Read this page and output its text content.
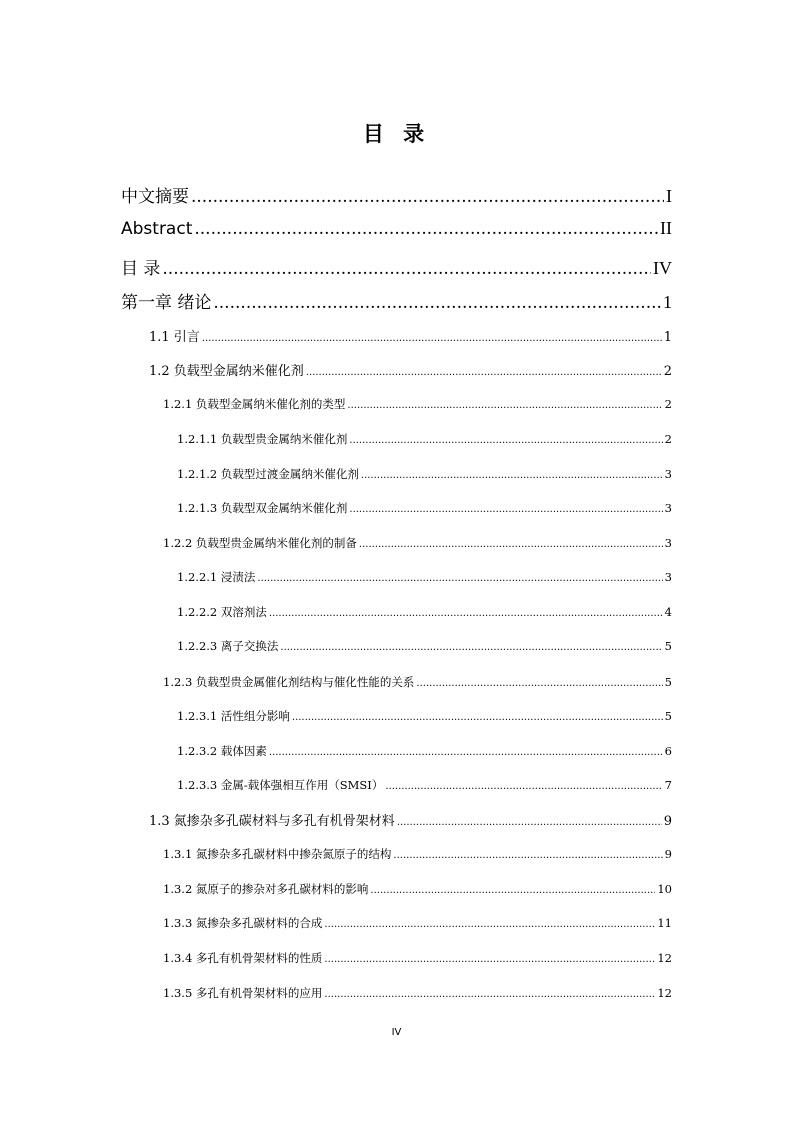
目 录
中文摘要 .....	I
Abstract .....	II
目 录 .....	IV
第一章 绪论 .....	1
1.1 引言 .....	1
1.2 负载型金属纳米催化剂 .....	2
1.2.1 负载型金属纳米催化剂的类型 .....	2
1.2.1.1 负载型贵金属纳米催化剂 .....	2
1.2.1.2 负载型过渡金属纳米催化剂 .....	3
1.2.1.3 负载型双金属纳米催化剂 .....	3
1.2.2 负载型贵金属纳米催化剂的制备 .....	3
1.2.2.1 浸渍法 .....	3
1.2.2.2 双溶剂法 .....	4
1.2.2.3 离子交换法 .....	5
1.2.3 负载型贵金属催化剂结构与催化性能的关系 .....	5
1.2.3.1 活性组分影响 .....	5
1.2.3.2 载体因素 .....	6
1.2.3.3 金属-载体强相互作用（SMSI） .....	7
1.3 氮掺杂多孔碳材料与多孔有机骨架材料 .....	9
1.3.1 氮掺杂多孔碳材料中掺杂氮原子的结构 .....	9
1.3.2 氮原子的掺杂对多孔碳材料的影响 .....	10
1.3.3 氮掺杂多孔碳材料的合成 .....	11
1.3.4 多孔有机骨架材料的性质 .....	12
1.3.5 多孔有机骨架材料的应用 .....	12
IV
